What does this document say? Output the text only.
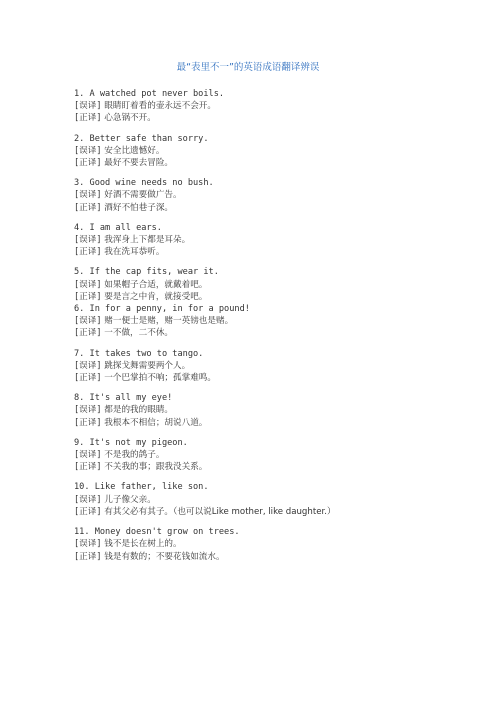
最“表里不一”的英语成语翻译辨误
1. A watched pot never boils.
[误译] 眼睛盯着看的壶永远不会开。
[正译] 心急锅不开。
2. Better safe than sorry.
[误译] 安全比遗憾好。
[正译] 最好不要去冒险。
3. Good wine needs no bush.
[误译] 好酒不需要做广告。
[正译] 酒好不怕巷子深。
4. I am all ears.
[误译] 我浑身上下都是耳朵。
[正译] 我在洗耳恭听。
5. If the cap fits, wear it.
[误译] 如果帽子合适，就戴着吧。
[正译] 要是言之中肯，就接受吧。
6. In for a penny, in for a pound!
[误译] 赌一便士是赌，赌一英镑也是赌。
[正译] 一不做，二不休。
7. It takes two to tango.
[误译] 跳探戈舞需要两个人。
[正译] 一个巴掌拍不响；孤掌难鸣。
8. It's all my eye!
[误译] 都是的我的眼睛。
[正译] 我根本不相信；胡说八道。
9. It's not my pigeon.
[误译] 不是我的鸽子。
[正译] 不关我的事；跟我没关系。
10. Like father, like son.
[误译] 儿子像父亲。
[正译] 有其父必有其子。（也可以说Like mother, like daughter.）
11. Money doesn't grow on trees.
[误译] 钱不是长在树上的。
[正译] 钱是有数的；不要花钱如流水。
